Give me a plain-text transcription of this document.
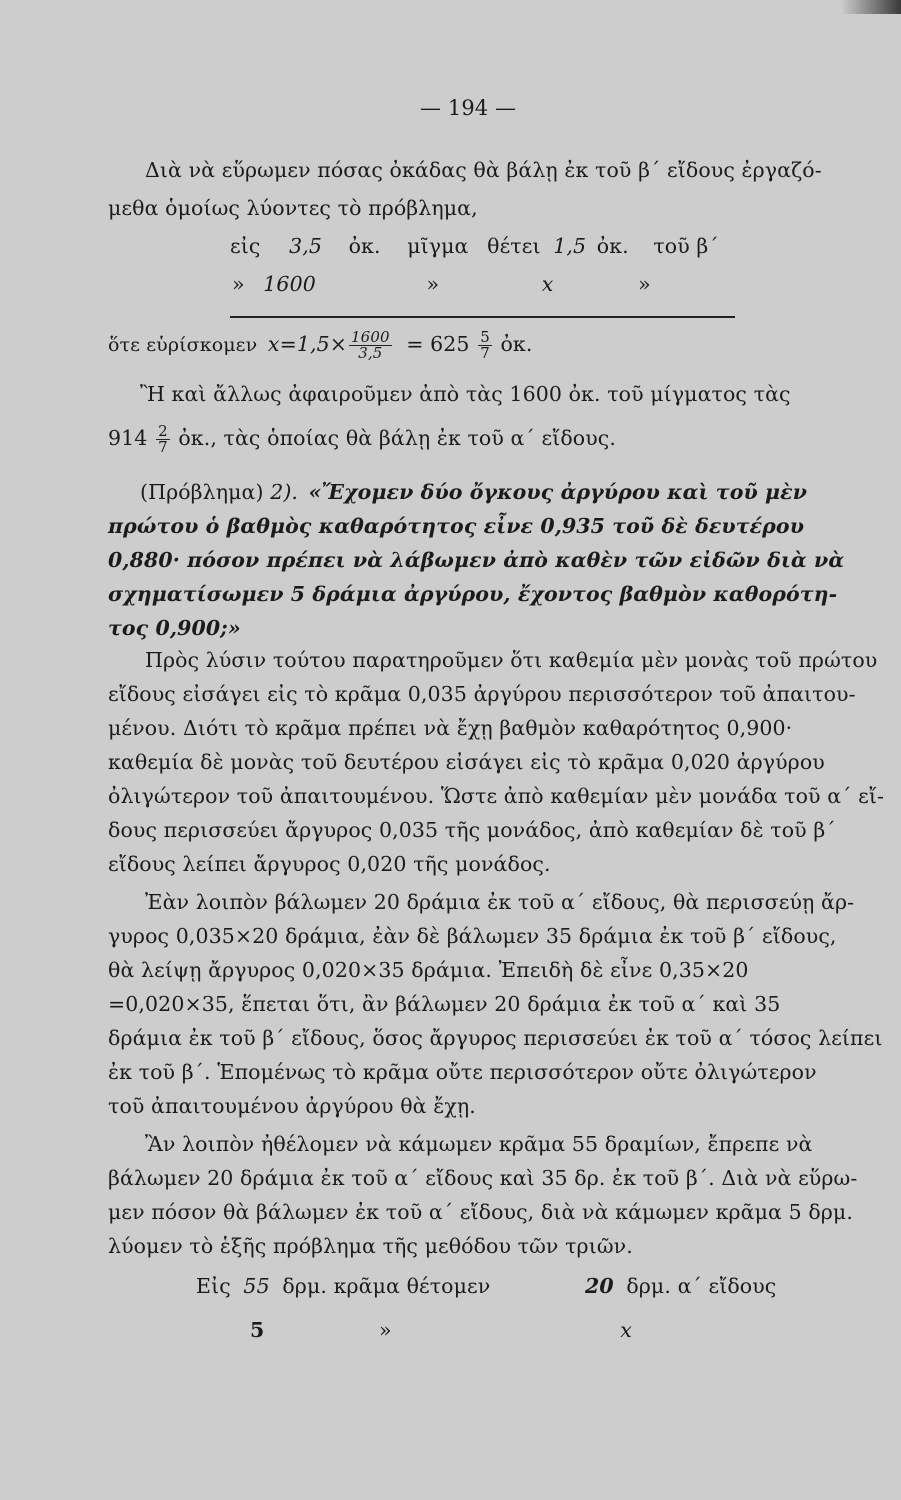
— 194 —
Διὰ νὰ εὕρωμεν πόσας ὀκάδας θὰ βάλῃ ἐκ τοῦ β΄ εἴδους ἐργαζό-
μεθα ὁμοίως λύοντες τὸ πρόβλημα,
εἰς 3,5 ὀκ. μῖγμα θέτει 1,5 ὀκ. τοῦ β΄
» 1600	»	x	»
ὅτε εὑρίσκομεν $x=1,5\times \frac{1600}{3,5} = 625 \frac{5}{7}$ ὀκ.
Ἢ καὶ ἄλλως ἀφαιροῦμεν ἀπὸ τὰς 1600 ὀκ. τοῦ μίγματος τὰς
$914 \frac{2}{7}$ ὀκ., τὰς ὁποίας θὰ βάλῃ ἐκ τοῦ α΄ εἴδους.
(Πρόβλημα) 2). «Ἔχομεν δύο ὄγκους ἀργύρου καὶ τοῦ μὲν
πρώτου ὁ βαθμὸς καθαρότητος εἶνε 0,935 τοῦ δὲ δευτέρου
0,880· πόσον πρέπει νὰ λάβωμεν ἀπὸ καθὲν τῶν εἰδῶν διὰ νὰ
σχηματίσωμεν 5 δράμια ἀργύρου, ἔχοντος βαθμὸν καθορότη-
τος 0,900;»
Πρὸς λύσιν τούτου παρατηροῦμεν ὅτι καθεμία μὲν μονὰς τοῦ πρώτου
εἴδους εἰσάγει εἰς τὸ κρᾶμα 0,035 ἀργύρου περισσότερον τοῦ ἀπαιτου-
μένου. Διότι τὸ κρᾶμα πρέπει νὰ ἔχῃ βαθμὸν καθαρότητος 0,900·
καθεμία δὲ μονὰς τοῦ δευτέρου εἰσάγει εἰς τὸ κρᾶμα 0,020 ἀργύρου
ὀλιγώτερον τοῦ ἀπαιτουμένου. Ὥστε ἀπὸ καθεμίαν μὲν μονάδα τοῦ α΄ εἴ-
δους περισσεύει ἄργυρος 0,035 τῆς μονάδος, ἀπὸ καθεμίαν δὲ τοῦ β΄
εἴδους λείπει ἄργυρος 0,020 τῆς μονάδος.
Ἐὰν λοιπὸν βάλωμεν 20 δράμια ἐκ τοῦ α΄ εἴδους, θὰ περισσεύῃ ἄρ-
γυρος 0,035×20 δράμια, ἐὰν δὲ βάλωμεν 35 δράμια ἐκ τοῦ β΄ εἴδους,
θὰ λείψῃ ἄργυρος 0,020×35 δράμια. Ἐπειδὴ δὲ εἶνε 0,35×20
=0,020×35, ἕπεται ὅτι, ἂν βάλωμεν 20 δράμια ἐκ τοῦ α΄ καὶ 35
δράμια ἐκ τοῦ β΄ εἴδους, ὅσος ἄργυρος περισσεύει ἐκ τοῦ α΄ τόσος λείπει
ἐκ τοῦ β΄. Ἑπομένως τὸ κρᾶμα οὔτε περισσότερον οὔτε ὀλιγώτερον
τοῦ ἀπαιτουμένου ἀργύρου θὰ ἔχῃ.
Ἂν λοιπὸν ἠθέλομεν νὰ κάμωμεν κρᾶμα 55 δραμίων, ἔπρεπε νὰ
βάλωμεν 20 δράμια ἐκ τοῦ α΄ εἴδους καὶ 35 δρ. ἐκ τοῦ β΄. Διὰ νὰ εὕρω-
μεν πόσον θὰ βάλωμεν ἐκ τοῦ α΄ εἴδους, διὰ νὰ κάμωμεν κρᾶμα 5 δρμ.
λύομεν τὸ ἑξῆς πρόβλημα τῆς μεθόδου τῶν τριῶν.
Εἰς 55 δρμ. κρᾶμα θέτομεν	20 δρμ. α΄ εἴδους
5	»	x
